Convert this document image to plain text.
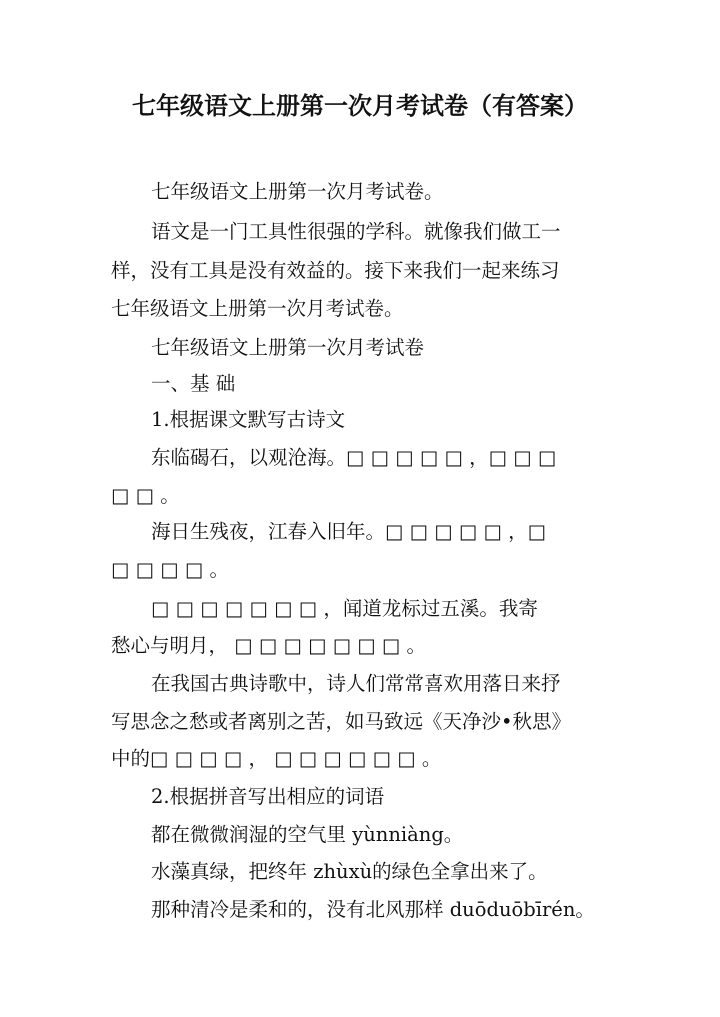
七年级语文上册第一次月考试卷（有答案）
七年级语文上册第一次月考试卷。
语文是一门工具性很强的学科。就像我们做工一
样，没有工具是没有效益的。接下来我们一起来练习
七年级语文上册第一次月考试卷。
七年级语文上册第一次月考试卷
一、基 础
1.根据课文默写古诗文
东临碣石，以观沧海。□ □ □ □ □ ，□ □ □
□ □ 。
海日生残夜，江春入旧年。□ □ □ □ □ ，□
□ □ □ □ 。
□ □ □ □ □ □ □ ，闻道龙标过五溪。我寄
愁心与明月， □ □ □ □ □ □ □ 。
在我国古典诗歌中，诗人们常常喜欢用落日来抒
写思念之愁或者离别之苦，如马致远《天净沙•秋思》
中的□ □ □ □ ， □ □ □ □ □ □ 。
2.根据拼音写出相应的词语
都在微微润湿的空气里 yùnniàng。
水藻真绿，把终年 zhùxù的绿色全拿出来了。
那种清冷是柔和的，没有北风那样 duōduōbīrén。
